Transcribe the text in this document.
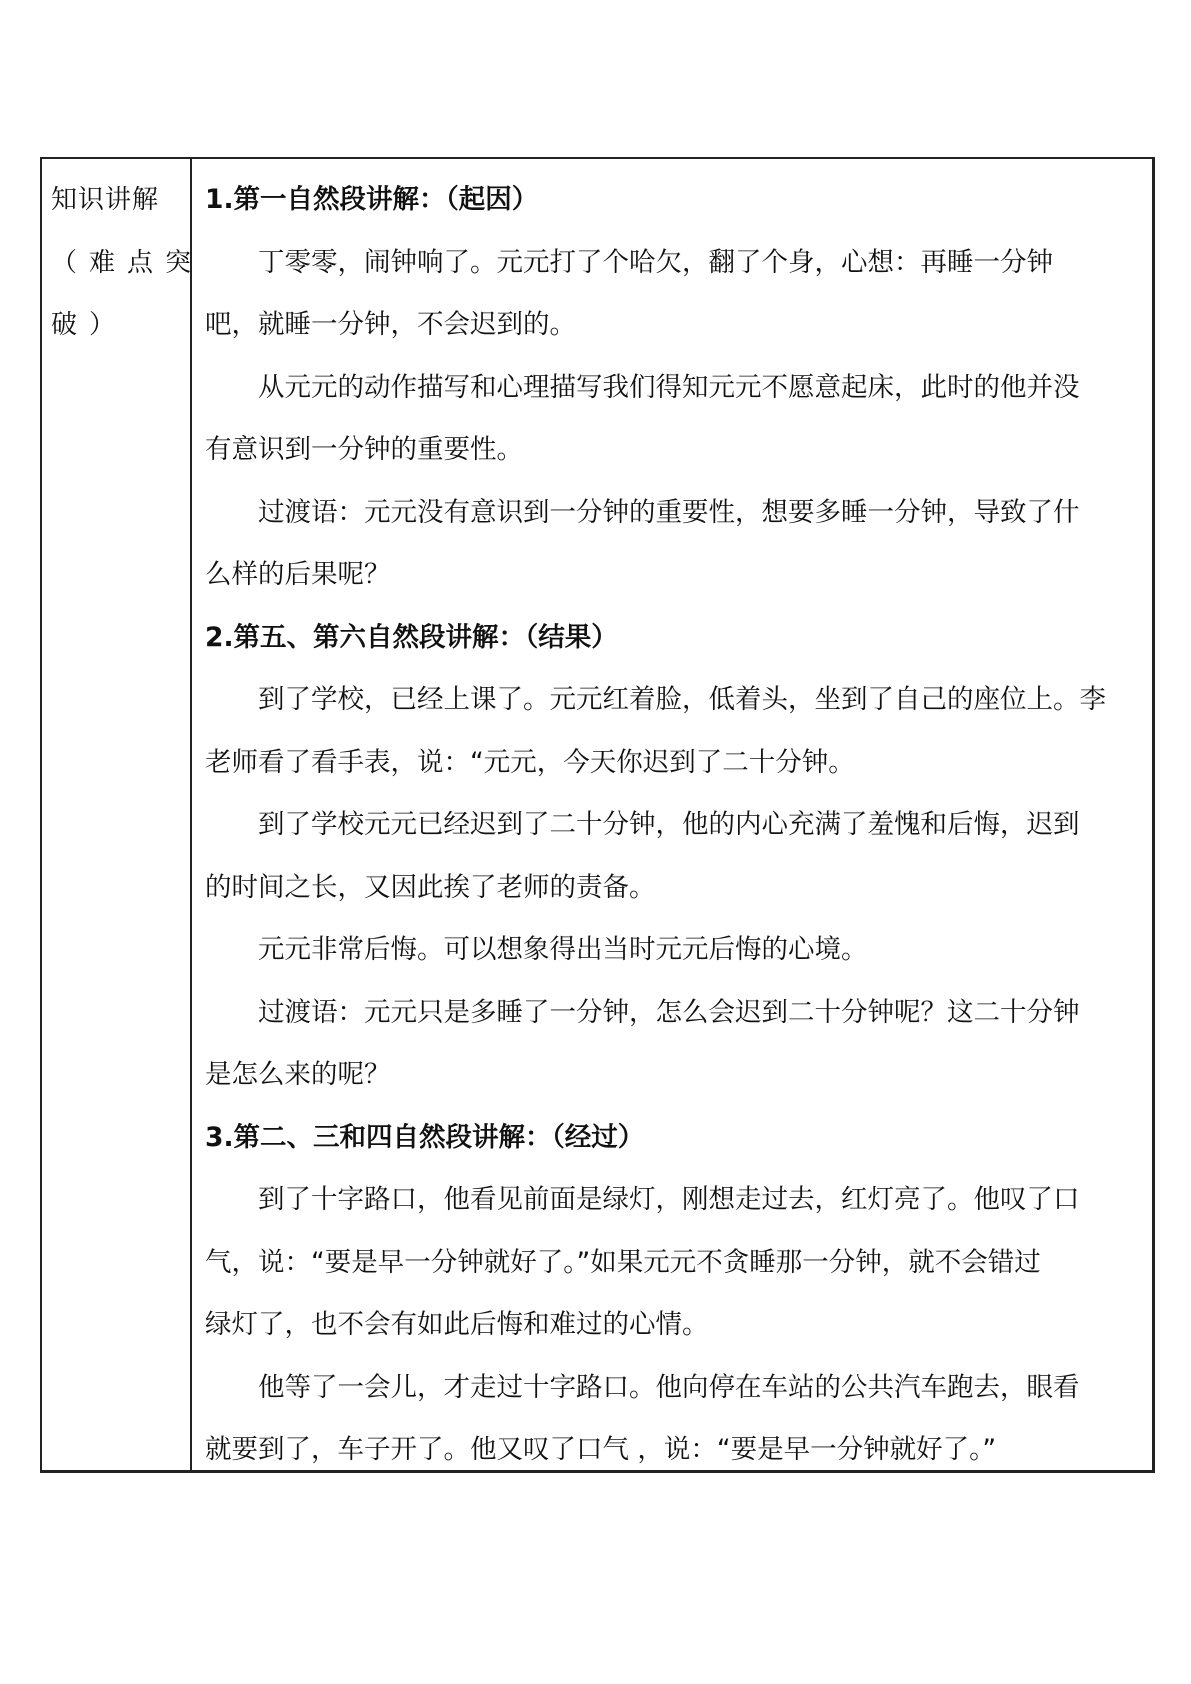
知识讲解
（难点突
破）
1.第一自然段讲解：（起因）
丁零零，闹钟响了。元元打了个哈欠，翻了个身，心想：再睡一分钟
吧，就睡一分钟，不会迟到的。
从元元的动作描写和心理描写我们得知元元不愿意起床，此时的他并没
有意识到一分钟的重要性。
过渡语：元元没有意识到一分钟的重要性，想要多睡一分钟，导致了什
么样的后果呢？
2.第五、第六自然段讲解：（结果）
到了学校，已经上课了。元元红着脸，低着头，坐到了自己的座位上。李
老师看了看手表，说：“元元，今天你迟到了二十分钟。
到了学校元元已经迟到了二十分钟，他的内心充满了羞愧和后悔，迟到
的时间之长，又因此挨了老师的责备。
元元非常后悔。可以想象得出当时元元后悔的心境。
过渡语：元元只是多睡了一分钟，怎么会迟到二十分钟呢？这二十分钟
是怎么来的呢？
3.第二、三和四自然段讲解：（经过）
到了十字路口，他看见前面是绿灯，刚想走过去，红灯亮了。他叹了口
气，说：“要是早一分钟就好了。”如果元元不贪睡那一分钟，就不会错过
绿灯了，也不会有如此后悔和难过的心情。
他等了一会儿，才走过十字路口。他向停在车站的公共汽车跑去，眼看
就要到了，车子开了。他又叹了口气 ，说：“要是早一分钟就好了。”
